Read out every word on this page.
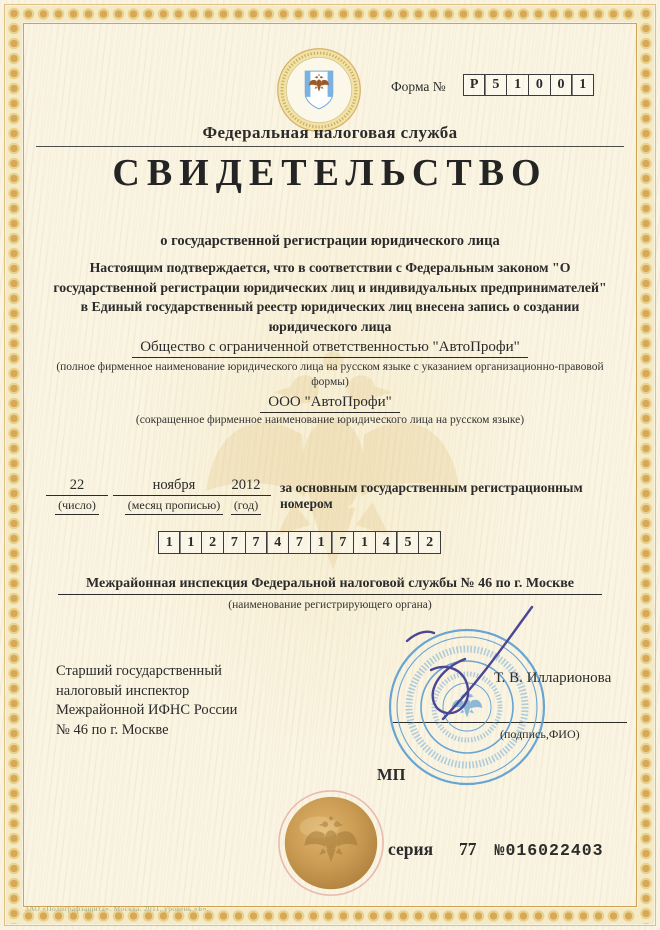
Форма №	Р 5	1	0	0	1
Федеральная налоговая служба
СВИДЕТЕЛЬСТВО
о государственной регистрации юридического лица
Настоящим подтверждается, что в соответствии с Федеральным законом "О
государственной регистрации юридических лиц и индивидуальных предпринимателей"
в Единый государственный реестр юридических лиц внесена запись о создании
юридического лица
Общество с ограниченной ответственностью "АвтоПрофи"
(полное фирменное наименование юридического лица на русском языке с указанием организационно-правовой формы)
ООО "АвтоПрофи"
(сокращенное фирменное наименование юридического лица на русском языке)
22
(число)
ноября
(месяц прописью)
2012
(год)
за основным государственным регистрационным номером
1	1	2	7	7	4	7	1	7	1	4	5	2
Межрайонная инспекция Федеральной налоговой службы № 46 по г. Москве
(наименование регистрирующего органа)
Старший государственный
налоговый инспектор
Межрайонной ИФНС России
№ 46 по г. Москве
Т. В. Илларионова
(подпись,ФИО)
МП
серия 77 №016022403
ЗАО «Полиграфзащита». Москва. 2011. уровень «Б».
